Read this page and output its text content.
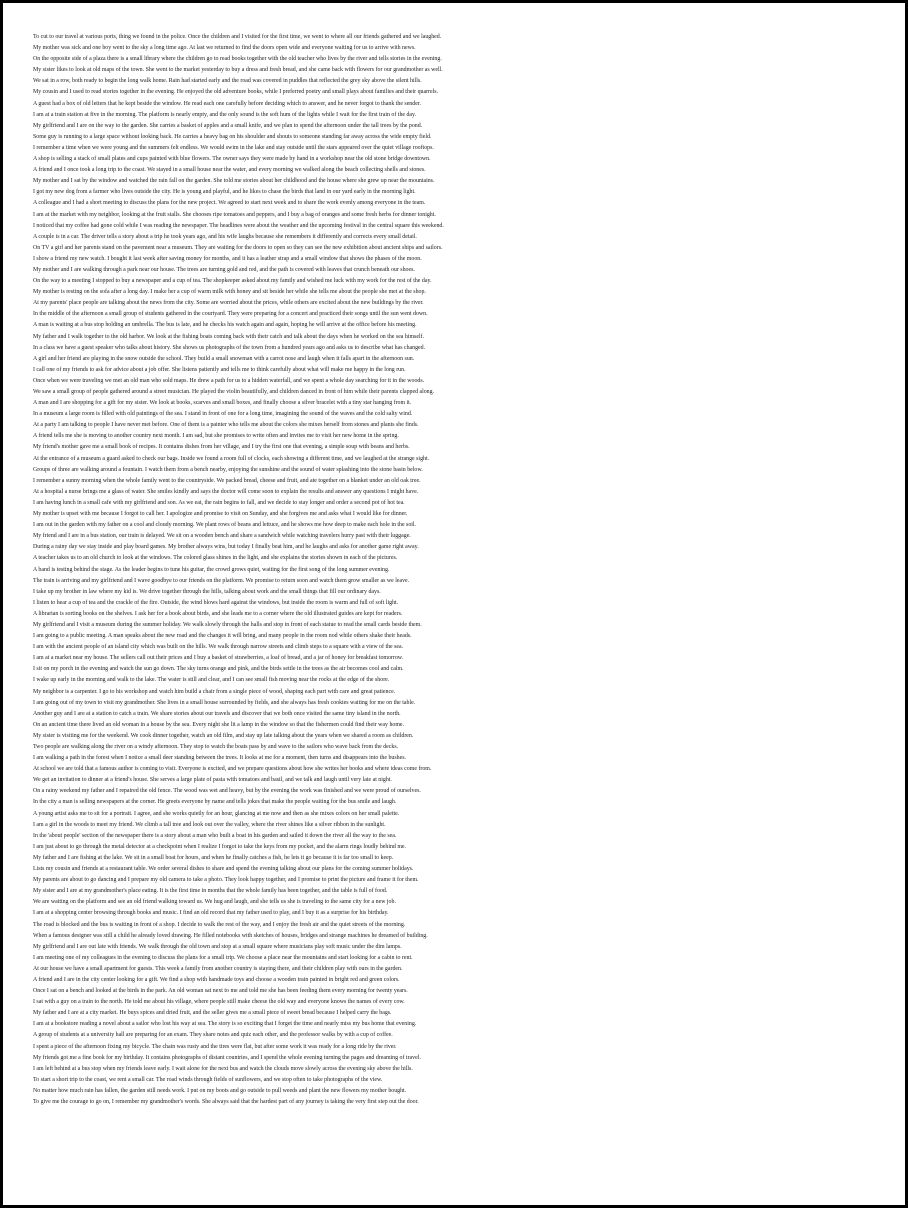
To cut to our travel at various ports, thing we found in the police. Once the children and I visited for the first time, we went to where all our friends gathered and we laughed.
My mother was sick and one boy went to the sky a long time ago. At last we returned to find the doors open wide and everyone waiting for us to arrive with news.
On the opposite side of a plaza there is a small library where the children go to read books together with the old teacher who lives by the river and tells stories in the evening.
My sister likes to look at old maps of the town. She went to the market yesterday to buy a dress and fresh bread, and she came back with flowers for our grandmother as well.
We sat in a row, both ready to begin the long walk home. Rain had started early and the road was covered in puddles that reflected the grey sky above the silent hills.
My cousin and I used to read stories together in the evening. He enjoyed the old adventure books, while I preferred poetry and small plays about families and their quarrels.
A guest had a box of old letters that he kept beside the window. He read each one carefully before deciding which to answer, and he never forgot to thank the sender.
I am at a train station at five in the morning. The platform is nearly empty, and the only sound is the soft hum of the lights while I wait for the first train of the day.
My girlfriend and I are on the way to the garden. She carries a basket of apples and a small knife, and we plan to spend the afternoon under the tall trees by the pond.
Some guy is running to a large space without looking back. He carries a heavy bag on his shoulder and shouts to someone standing far away across the wide empty field.
I remember a time when we were young and the summers felt endless. We would swim in the lake and stay outside until the stars appeared over the quiet village rooftops.
A shop is selling a stack of small plates and cups painted with blue flowers. The owner says they were made by hand in a workshop near the old stone bridge downtown.
A friend and I once took a long trip to the coast. We stayed in a small house near the water, and every morning we walked along the beach collecting shells and stones.
My mother and I sat by the window and watched the rain fall on the garden. She told me stories about her childhood and the house where she grew up near the mountains.
I got my new dog from a farmer who lives outside the city. He is young and playful, and he likes to chase the birds that land in our yard early in the morning light.
A colleague and I had a short meeting to discuss the plans for the new project. We agreed to start next week and to share the work evenly among everyone in the team.
I am at the market with my neighbor, looking at the fruit stalls. She chooses ripe tomatoes and peppers, and I buy a bag of oranges and some fresh herbs for dinner tonight.
I noticed that my coffee had gone cold while I was reading the newspaper. The headlines were about the weather and the upcoming festival in the central square this weekend.
A couple is in a car. The driver tells a story about a trip he took years ago, and his wife laughs because she remembers it differently and corrects every small detail.
On TV a girl and her parents stand on the pavement near a museum. They are waiting for the doors to open so they can see the new exhibition about ancient ships and sailors.
I show a friend my new watch. I bought it last week after saving money for months, and it has a leather strap and a small window that shows the phases of the moon.
My mother and I are walking through a park near our house. The trees are turning gold and red, and the path is covered with leaves that crunch beneath our shoes.
On the way to a meeting I stopped to buy a newspaper and a cup of tea. The shopkeeper asked about my family and wished me luck with my work for the rest of the day.
My mother is resting on the sofa after a long day. I make her a cup of warm milk with honey and sit beside her while she tells me about the people she met at the shop.
At my parents' place people are talking about the news from the city. Some are worried about the prices, while others are excited about the new buildings by the river.
In the middle of the afternoon a small group of students gathered in the courtyard. They were preparing for a concert and practiced their songs until the sun went down.
A man is waiting at a bus stop holding an umbrella. The bus is late, and he checks his watch again and again, hoping he will arrive at the office before his meeting.
My father and I walk together to the old harbor. We look at the fishing boats coming back with their catch and talk about the days when he worked on the sea himself.
In a class we have a guest speaker who talks about history. She shows us photographs of the town from a hundred years ago and asks us to describe what has changed.
A girl and her friend are playing in the snow outside the school. They build a small snowman with a carrot nose and laugh when it falls apart in the afternoon sun.
I call one of my friends to ask for advice about a job offer. She listens patiently and tells me to think carefully about what will make me happy in the long run.
Once when we were traveling we met an old man who sold maps. He drew a path for us to a hidden waterfall, and we spent a whole day searching for it in the woods.
We saw a small group of people gathered around a street musician. He played the violin beautifully, and children danced in front of him while their parents clapped along.
A man and I are shopping for a gift for my sister. We look at books, scarves and small boxes, and finally choose a silver bracelet with a tiny star hanging from it.
In a museum a large room is filled with old paintings of the sea. I stand in front of one for a long time, imagining the sound of the waves and the cold salty wind.
At a party I am talking to people I have never met before. One of them is a painter who tells me about the colors she mixes herself from stones and plants she finds.
A friend tells me she is moving to another country next month. I am sad, but she promises to write often and invites me to visit her new home in the spring.
My friend's mother gave me a small book of recipes. It contains dishes from her village, and I try the first one that evening, a simple soup with beans and herbs.
At the entrance of a museum a guard asked to check our bags. Inside we found a room full of clocks, each showing a different time, and we laughed at the strange sight.
Groups of three are walking around a fountain. I watch them from a bench nearby, enjoying the sunshine and the sound of water splashing into the stone basin below.
I remember a sunny morning when the whole family went to the countryside. We packed bread, cheese and fruit, and ate together on a blanket under an old oak tree.
At a hospital a nurse brings me a glass of water. She smiles kindly and says the doctor will come soon to explain the results and answer any questions I might have.
I am having lunch in a small cafe with my girlfriend and son. As we eat, the rain begins to fall, and we decide to stay longer and order a second pot of hot tea.
My mother is upset with me because I forgot to call her. I apologize and promise to visit on Sunday, and she forgives me and asks what I would like for dinner.
I am out in the garden with my father on a cool and cloudy morning. We plant rows of beans and lettuce, and he shows me how deep to make each hole in the soil.
My friend and I are in a bus station, our train is delayed. We sit on a wooden bench and share a sandwich while watching travelers hurry past with their luggage.
During a rainy day we stay inside and play board games. My brother always wins, but today I finally beat him, and he laughs and asks for another game right away.
A teacher takes us to an old church to look at the windows. The colored glass shines in the light, and she explains the stories shown in each of the pictures.
A band is testing behind the stage. As the leader begins to tune his guitar, the crowd grows quiet, waiting for the first song of the long summer evening.
The train is arriving and my girlfriend and I wave goodbye to our friends on the platform. We promise to return soon and watch them grow smaller as we leave.
I take up my brother in law where my kid is. We drive together through the hills, talking about work and the small things that fill our ordinary days.
I listen to hear a cup of tea and the crackle of the fire. Outside, the wind blows hard against the windows, but inside the room is warm and full of soft light.
A librarian is sorting books on the shelves. I ask her for a book about birds, and she leads me to a corner where the old illustrated guides are kept for readers.
My girlfriend and I visit a museum during the summer holiday. We walk slowly through the halls and stop in front of each statue to read the small cards beside them.
I am going to a public meeting. A man speaks about the new road and the changes it will bring, and many people in the room nod while others shake their heads.
I am with the ancient people of an island city which was built on the hills. We walk through narrow streets and climb steps to a square with a view of the sea.
I am at a market near my house. The sellers call out their prices and I buy a basket of strawberries, a loaf of bread, and a jar of honey for breakfast tomorrow.
I sit on my porch in the evening and watch the sun go down. The sky turns orange and pink, and the birds settle in the trees as the air becomes cool and calm.
I wake up early in the morning and walk to the lake. The water is still and clear, and I can see small fish moving near the rocks at the edge of the shore.
My neighbor is a carpenter. I go to his workshop and watch him build a chair from a single piece of wood, shaping each part with care and great patience.
I am going out of my town to visit my grandmother. She lives in a small house surrounded by fields, and she always has fresh cookies waiting for me on the table.
Another guy and I are at a station to catch a train. We share stories about our travels and discover that we both once visited the same tiny island in the north.
On an ancient time there lived an old woman in a house by the sea. Every night she lit a lamp in the window so that the fishermen could find their way home.
My sister is visiting me for the weekend. We cook dinner together, watch an old film, and stay up late talking about the years when we shared a room as children.
Two people are walking along the river on a windy afternoon. They stop to watch the boats pass by and wave to the sailors who wave back from the decks.
I am walking a path in the forest when I notice a small deer standing between the trees. It looks at me for a moment, then turns and disappears into the bushes.
At school we are told that a famous author is coming to visit. Everyone is excited, and we prepare questions about how she writes her books and where ideas come from.
We get an invitation to dinner at a friend's house. She serves a large plate of pasta with tomatoes and basil, and we talk and laugh until very late at night.
On a rainy weekend my father and I repaired the old fence. The wood was wet and heavy, but by the evening the work was finished and we were proud of ourselves.
In the city a man is selling newspapers at the corner. He greets everyone by name and tells jokes that make the people waiting for the bus smile and laugh.
A young artist asks me to sit for a portrait. I agree, and she works quietly for an hour, glancing at me now and then as she mixes colors on her small palette.
I am a girl in the woods to meet my friend. We climb a tall tree and look out over the valley, where the river shines like a silver ribbon in the sunlight.
In the 'about people' section of the newspaper there is a story about a man who built a boat in his garden and sailed it down the river all the way to the sea.
I am just about to go through the metal detector at a checkpoint when I realize I forgot to take the keys from my pocket, and the alarm rings loudly behind me.
My father and I are fishing at the lake. We sit in a small boat for hours, and when he finally catches a fish, he lets it go because it is far too small to keep.
Lists my cousin and friends at a restaurant table. We order several dishes to share and spend the evening talking about our plans for the coming summer holidays.
My parents are about to go dancing and I prepare my old camera to take a photo. They look happy together, and I promise to print the picture and frame it for them.
My sister and I are at my grandmother's place eating. It is the first time in months that the whole family has been together, and the table is full of food.
We are waiting on the platform and see an old friend walking toward us. We hug and laugh, and she tells us she is traveling to the same city for a new job.
I am at a shopping center browsing through books and music. I find an old record that my father used to play, and I buy it as a surprise for his birthday.
The road is blocked and the bus is waiting in front of a shop. I decide to walk the rest of the way, and I enjoy the fresh air and the quiet streets of the morning.
When a famous designer was still a child he already loved drawing. He filled notebooks with sketches of houses, bridges and strange machines he dreamed of building.
My girlfriend and I are out late with friends. We walk through the old town and stop at a small square where musicians play soft music under the dim lamps.
I am meeting one of my colleagues in the evening to discuss the plans for a small trip. We choose a place near the mountains and start looking for a cabin to rent.
At our house we have a small apartment for guests. This week a family from another country is staying there, and their children play with ours in the garden.
A friend and I are in the city center looking for a gift. We find a shop with handmade toys and choose a wooden train painted in bright red and green colors.
Once I sat on a bench and looked at the birds in the park. An old woman sat next to me and told me she has been feeding them every morning for twenty years.
I sat with a guy on a train to the north. He told me about his village, where people still make cheese the old way and everyone knows the names of every cow.
My father and I are at a city market. He buys spices and dried fruit, and the seller gives me a small piece of sweet bread because I helped carry the bags.
I am at a bookstore reading a novel about a sailor who lost his way at sea. The story is so exciting that I forget the time and nearly miss my bus home that evening.
A group of students at a university hall are preparing for an exam. They share notes and quiz each other, and the professor walks by with a cup of coffee.
I spent a piece of the afternoon fixing my bicycle. The chain was rusty and the tires were flat, but after some work it was ready for a long ride by the river.
My friends got me a fine book for my birthday. It contains photographs of distant countries, and I spend the whole evening turning the pages and dreaming of travel.
I am left behind at a bus stop when my friends leave early. I wait alone for the next bus and watch the clouds move slowly across the evening sky above the hills.
To start a short trip to the coast, we rent a small car. The road winds through fields of sunflowers, and we stop often to take photographs of the view.
No matter how much rain has fallen, the garden still needs work. I put on my boots and go outside to pull weeds and plant the new flowers my mother bought.
To give me the courage to go on, I remember my grandmother's words. She always said that the hardest part of any journey is taking the very first step out the door.
